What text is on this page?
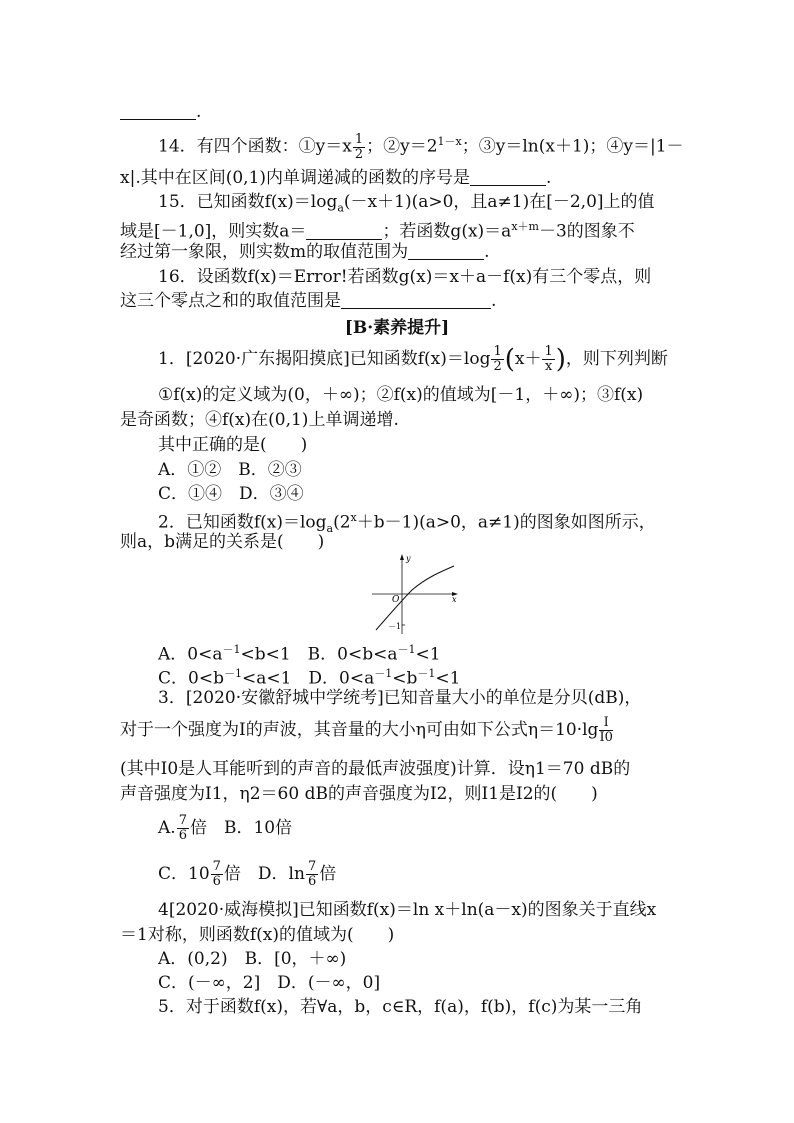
.
14．有四个函数：①y＝x $\frac{1}{2}$ ；$②y=2^{1-x}$；③y＝ln(x＋1)；④y＝|1－
x|.其中在区间(0,1)内单调递减的函数的序号是	.
15．已知函数$f(x)=\log_a(-x+1)(a>0$，且a≠1)在[－2,0]上的值
域是[－1,0]，则实数a＝	；若函数$g(x)=a^{x+m}-3$的图象不
经过第一象限，则实数m的取值范围为	.
16．设函数f(x)＝Error!若函数g(x)＝x＋a－f(x)有三个零点，则
这三个零点之和的取值范围是	.
[B·素养提升]
1．[2020·广东揭阳摸底]已知函数$f(x)=\log \frac{1}{2} (x+ \frac{1}{x}$ )，则下列判断
①f(x)的定义域为(0，＋∞)；②f(x)的值域为[－1，＋∞)；③f(x)
是奇函数；④f(x)在(0,1)上单调递增.
其中正确的是(　　)
A．①②　B．②③
C．①④　D．③④
2．已知函数$f(x)=\log_a(2^x+b-1)(a>0$，a≠1)的图象如图所示，
则a，b满足的关系是(　　)
y
x
O
－1
A．$0<a^{-1}<b<1$　B．$0<b<a^{-1}<1$
C．$0<b^{-1}<a<1$　D．$0<a^{-1}<b^{-1}<1$
3．[2020·安徽舒城中学统考]已知音量大小的单位是分贝(dB)，
对于一个强度为I的声波，其音量的大小η可由如下公式$\eta=10\cdot\lg \frac{I}{I0}$
(其中I0是人耳能听到的声音的最低声波强度)计算．设η1＝70 dB的
声音强度为I1，η2＝60 dB的声音强度为I2，则I1是I2的(　　)
A. $\frac{7}{6}$ 倍　B．10倍
C．$10 \frac{7}{6}$ 倍　D．$\ln \frac{7}{6}$ 倍
4[2020·威海模拟]已知函数f(x)＝ln x＋ln(a－x)的图象关于直线x
＝1对称，则函数f(x)的值域为(　　)
A．(0,2)　B．[0，＋∞)
C．(－∞，2]　D．(－∞，0]
5．对于函数f(x)，若∀a，b，c∈R，f(a)，f(b)，f(c)为某一三角
